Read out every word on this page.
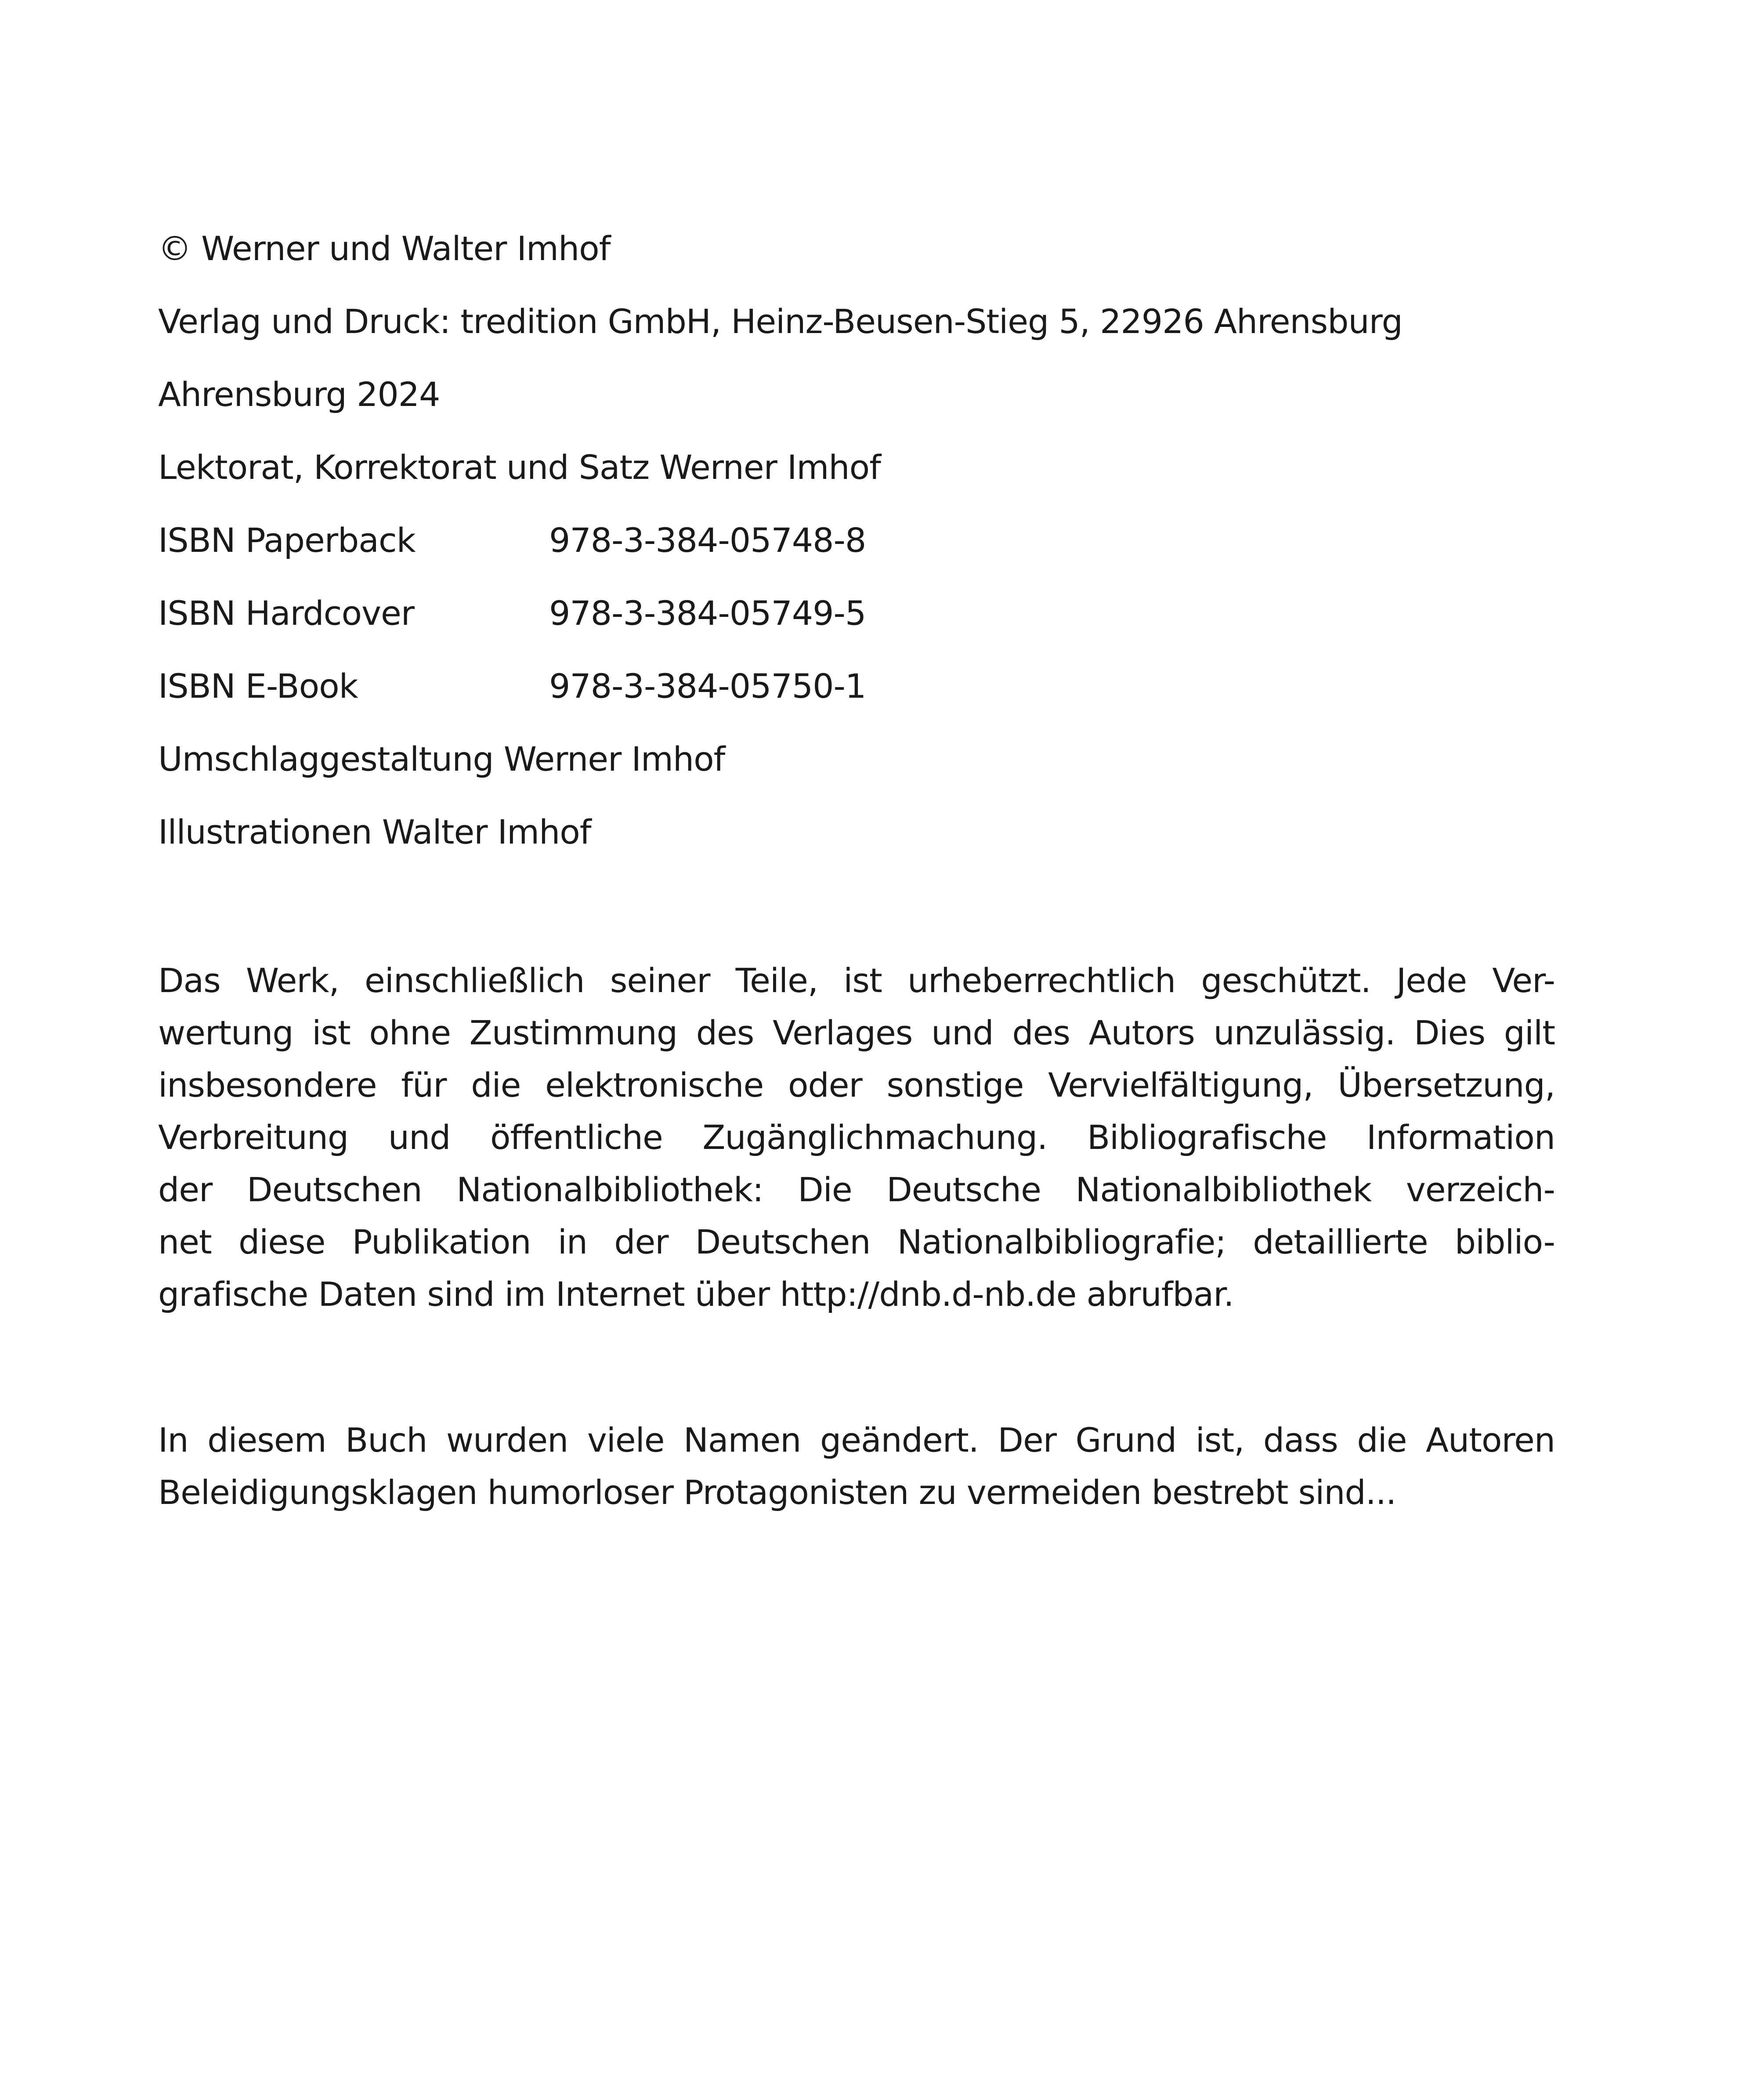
© Werner und Walter Imhof
Verlag und Druck: tredition GmbH, Heinz-Beusen-Stieg 5, 22926 Ahrensburg
Ahrensburg 2024
Lektorat, Korrektorat und Satz Werner Imhof
ISBN Paperback	978-3-384-05748-8
ISBN Hardcover	978-3-384-05749-5
ISBN E-Book	978-3-384-05750-1
Umschlaggestaltung Werner Imhof
Illustrationen Walter Imhof
Das Werk, einschließlich seiner Teile, ist urheberrechtlich geschützt. Jede Ver-
wertung ist ohne Zustimmung des Verlages und des Autors unzulässig. Dies gilt
insbesondere für die elektronische oder sonstige Vervielfältigung, Übersetzung,
Verbreitung und öffentliche Zugänglichmachung. Bibliografische Information
der Deutschen Nationalbibliothek: Die Deutsche Nationalbibliothek verzeich-
net diese Publikation in der Deutschen Nationalbibliografie; detaillierte biblio-
grafische Daten sind im Internet über http://dnb.d-nb.de abrufbar.
In diesem Buch wurden viele Namen geändert. Der Grund ist, dass die Autoren
Beleidigungsklagen humorloser Protagonisten zu vermeiden bestrebt sind...
